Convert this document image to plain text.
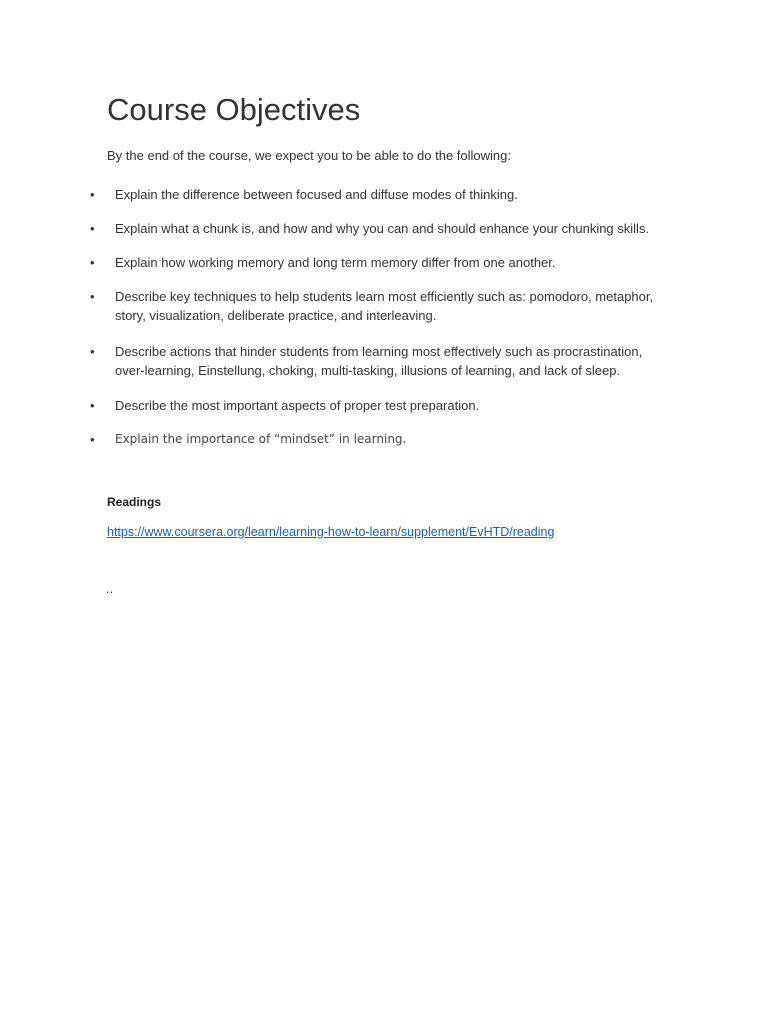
Course Objectives

By the end of the course, we expect you to be able to do the following:

• Explain the difference between focused and diffuse modes of thinking.
• Explain what a chunk is, and how and why you can and should enhance your chunking skills.
• Explain how working memory and long term memory differ from one another.
• Describe key techniques to help students learn most efficiently such as: pomodoro, metaphor, story, visualization, deliberate practice, and interleaving.
• Describe actions that hinder students from learning most effectively such as procrastination, over-learning, Einstellung, choking, multi-tasking, illusions of learning, and lack of sleep.
• Describe the most important aspects of proper test preparation.
• Explain the importance of “mindset” in learning.
Readings
https://www.coursera.org/learn/learning-how-to-learn/supplement/EvHTD/reading
..
